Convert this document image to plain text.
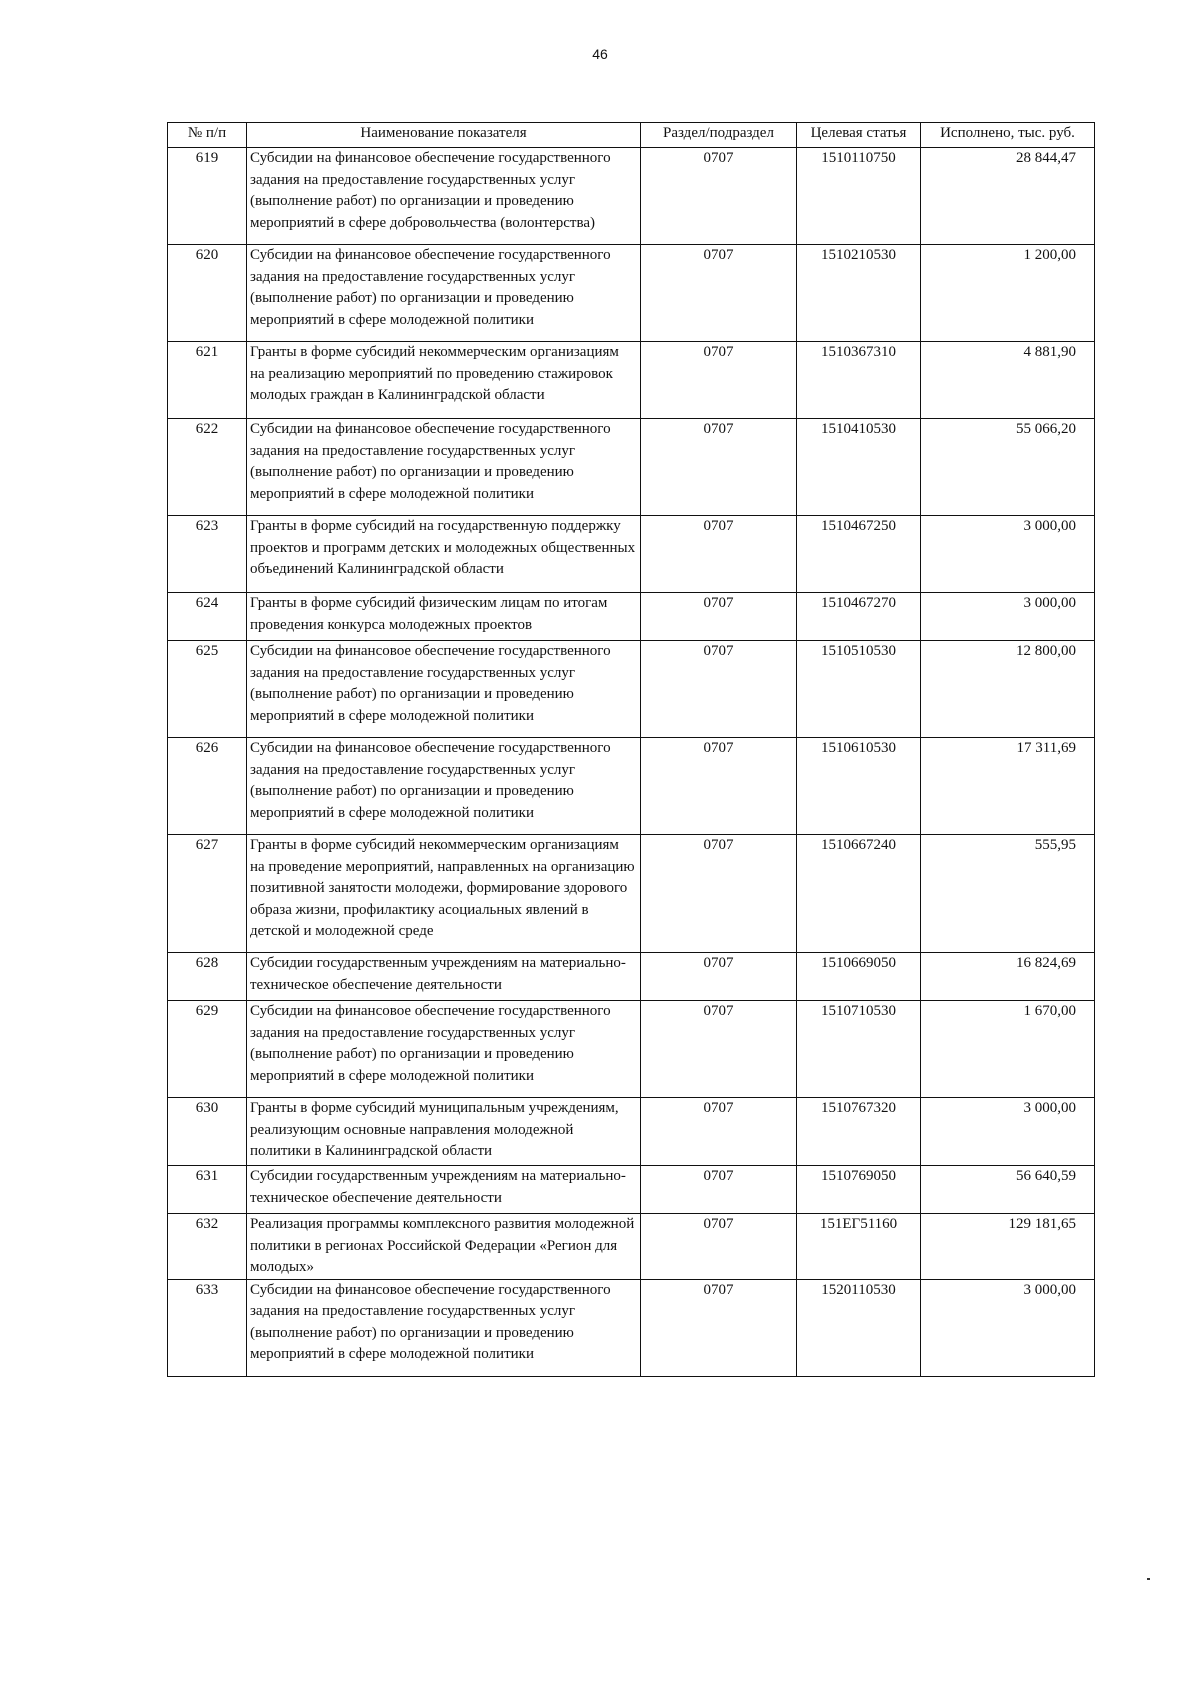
46
№ п/п	Наименование показателя	Раздел/подраздел	Целевая статья	Исполнено, тыс. руб.
619	Субсидии на финансовое обеспечение государственного задания на предоставление государственных услуг (выполнение работ) по организации и проведению мероприятий в сфере добровольчества (волонтерства)	0707	1510110750	28 844,47
620	Субсидии на финансовое обеспечение государственного задания на предоставление государственных услуг (выполнение работ) по организации и проведению мероприятий в сфере молодежной политики	0707	1510210530	1 200,00
621	Гранты в форме субсидий некоммерческим организациям на реализацию мероприятий по проведению стажировок молодых граждан в Калининградской области	0707	1510367310	4 881,90
622	Субсидии на финансовое обеспечение государственного задания на предоставление государственных услуг (выполнение работ) по организации и проведению мероприятий в сфере молодежной политики	0707	1510410530	55 066,20
623	Гранты в форме субсидий на государственную поддержку проектов и программ детских и молодежных общественных объединений Калининградской области	0707	1510467250	3 000,00
624	Гранты в форме субсидий физическим лицам по итогам проведения конкурса молодежных проектов	0707	1510467270	3 000,00
625	Субсидии на финансовое обеспечение государственного задания на предоставление государственных услуг (выполнение работ) по организации и проведению мероприятий в сфере молодежной политики	0707	1510510530	12 800,00
626	Субсидии на финансовое обеспечение государственного задания на предоставление государственных услуг (выполнение работ) по организации и проведению мероприятий в сфере молодежной политики	0707	1510610530	17 311,69
627	Гранты в форме субсидий некоммерческим организациям на проведение мероприятий, направленных на организацию позитивной занятости молодежи, формирование здорового образа жизни, профилактику асоциальных явлений в детской и молодежной среде	0707	1510667240	555,95
628	Субсидии государственным учреждениям на материально-техническое обеспечение деятельности	0707	1510669050	16 824,69
629	Субсидии на финансовое обеспечение государственного задания на предоставление государственных услуг (выполнение работ) по организации и проведению мероприятий в сфере молодежной политики	0707	1510710530	1 670,00
630	Гранты в форме субсидий муниципальным учреждениям, реализующим основные направления молодежной политики в Калининградской области	0707	1510767320	3 000,00
631	Субсидии государственным учреждениям на материально-техническое обеспечение деятельности	0707	1510769050	56 640,59
632	Реализация программы комплексного развития молодежной политики в регионах Российской Федерации «Регион для молодых»	0707	151ЕГ51160	129 181,65
633	Субсидии на финансовое обеспечение государственного задания на предоставление государственных услуг (выполнение работ) по организации и проведению мероприятий в сфере молодежной политики	0707	1520110530	3 000,00
